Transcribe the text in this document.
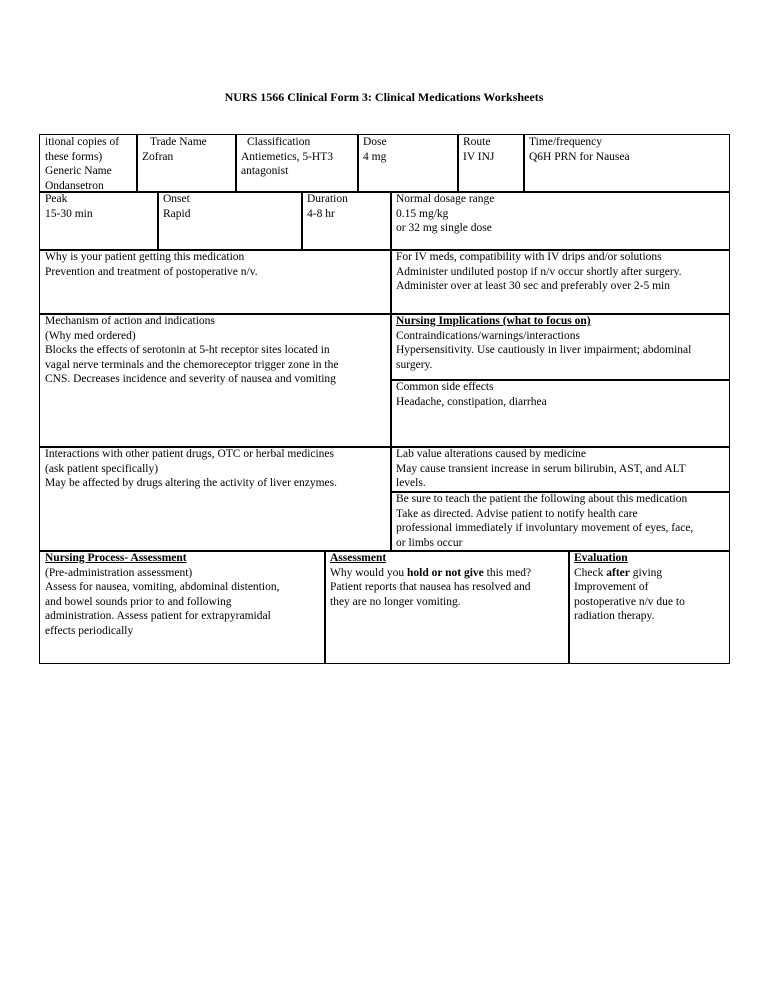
NURS 1566 Clinical Form 3: Clinical Medications Worksheets
itional copies of
these forms)
Generic Name
Ondansetron
Trade Name
Zofran
Classification
Antiemetics, 5-HT3
antagonist
Dose
4 mg
Route
IV INJ
Time/frequency
Q6H PRN for Nausea
Peak
15-30 min
Onset
Rapid
Duration
4-8 hr
Normal dosage range
0.15 mg/kg
or 32 mg single dose
Why is your patient getting this medication
Prevention and treatment of postoperative n/v.
For IV meds, compatibility with IV drips and/or solutions
Administer undiluted postop if n/v occur shortly after surgery.
Administer over at least 30 sec and preferably over 2-5 min
Mechanism of action and indications
(Why med ordered)
Blocks the effects of serotonin at 5-ht receptor sites located in
vagal nerve terminals and the chemoreceptor trigger zone in the
CNS. Decreases incidence and severity of nausea and vomiting
Nursing Implications (what to focus on)
Contraindications/warnings/interactions
Hypersensitivity. Use cautiously in liver impairment; abdominal
surgery.
Common side effects
Headache, constipation, diarrhea
Interactions with other patient drugs, OTC or herbal medicines
(ask patient specifically)
May be affected by drugs altering the activity of liver enzymes.
Lab value alterations caused by medicine
May cause transient increase in serum bilirubin, AST, and ALT
levels.
Be sure to teach the patient the following about this medication
Take as directed. Advise patient to notify health care
professional immediately if involuntary movement of eyes, face,
or limbs occur
Nursing Process- Assessment
(Pre-administration assessment)
Assess for nausea, vomiting, abdominal distention,
and bowel sounds prior to and following
administration. Assess patient for extrapyramidal
effects periodically
Assessment
Why would you hold or not give this med?
Patient reports that nausea has resolved and
they are no longer vomiting.
Evaluation
Check after giving
Improvement of
postoperative n/v due to
radiation therapy.
